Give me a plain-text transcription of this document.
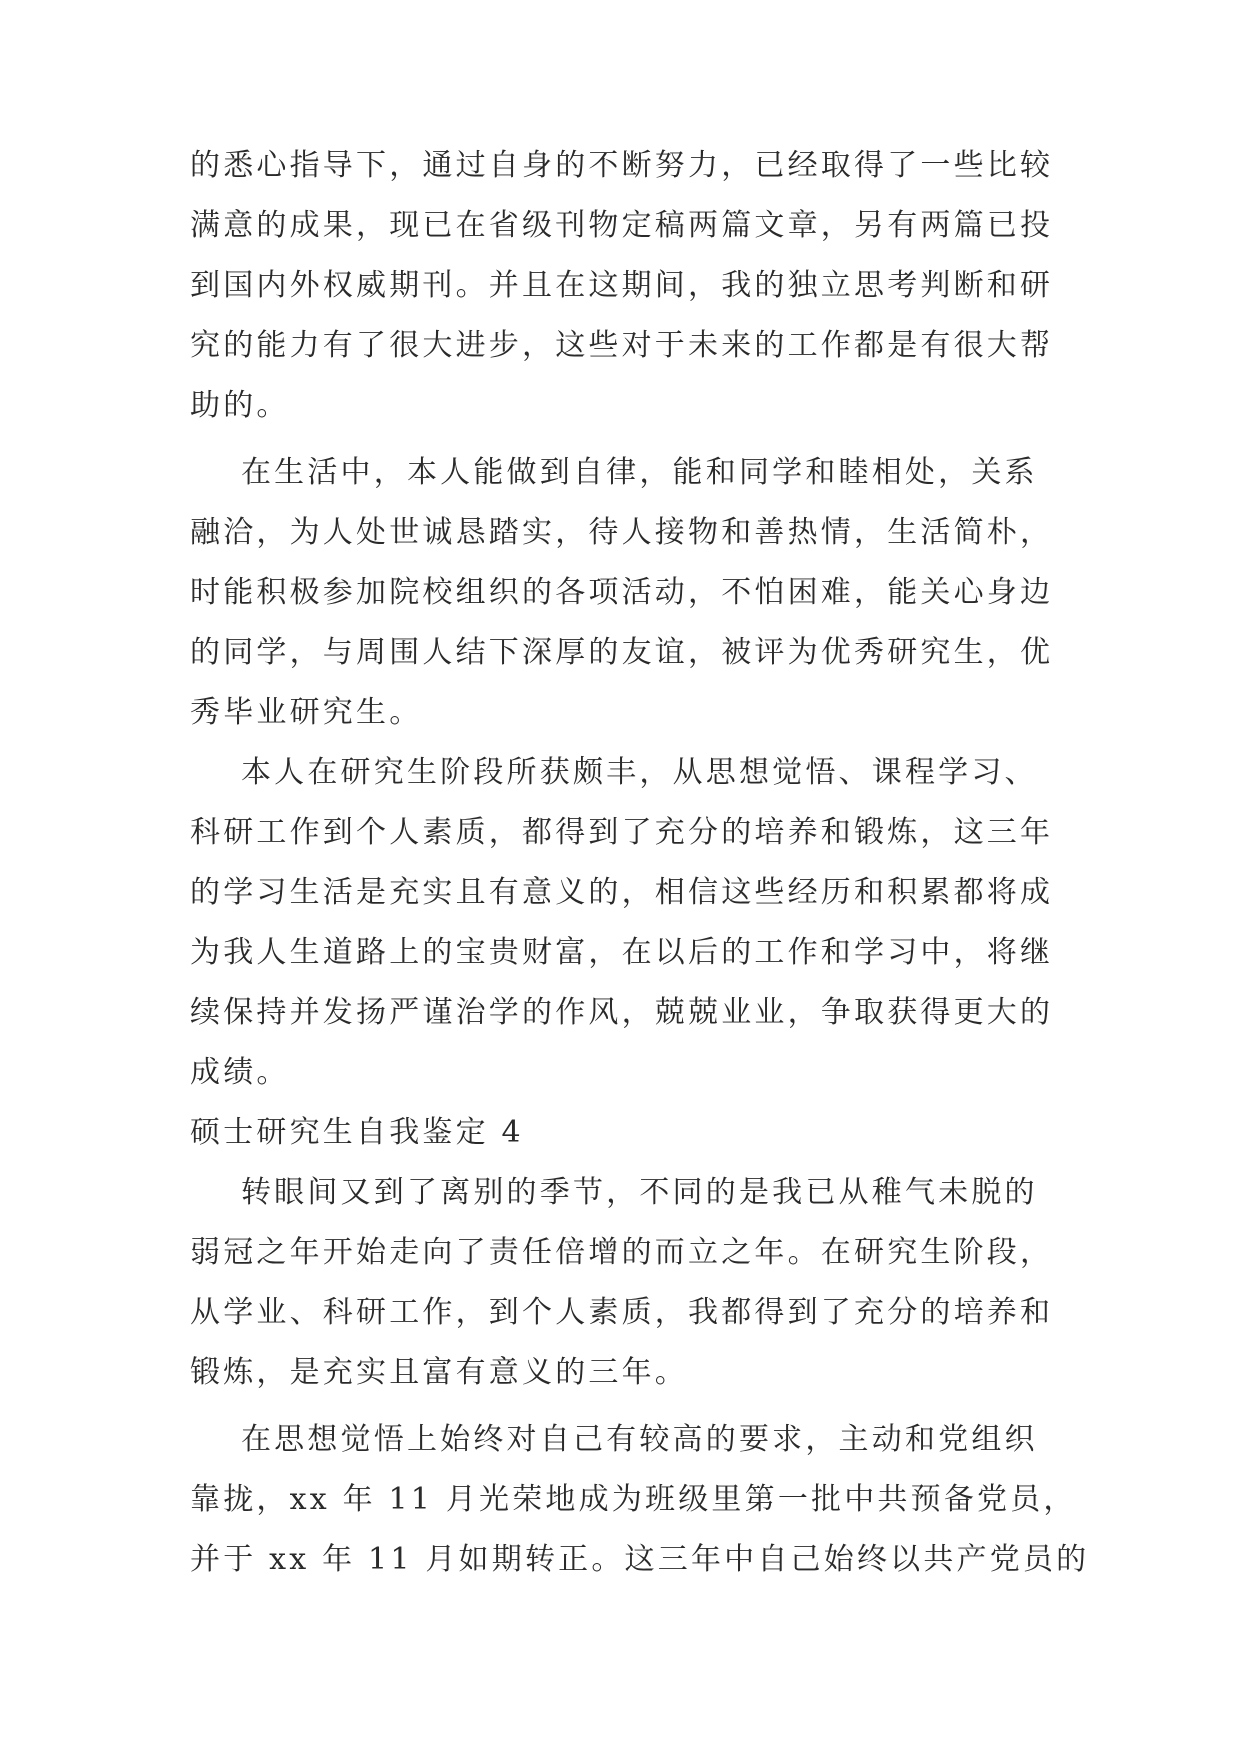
的悉心指导下，通过自身的不断努力，已经取得了一些比较
满意的成果，现已在省级刊物定稿两篇文章，另有两篇已投
到国内外权威期刊。并且在这期间，我的独立思考判断和研
究的能力有了很大进步，这些对于未来的工作都是有很大帮
助的。
在生活中，本人能做到自律，能和同学和睦相处，关系
融洽，为人处世诚恳踏实，待人接物和善热情，生活简朴，
时能积极参加院校组织的各项活动，不怕困难，能关心身边
的同学，与周围人结下深厚的友谊，被评为优秀研究生，优
秀毕业研究生。
本人在研究生阶段所获颇丰，从思想觉悟、课程学习、
科研工作到个人素质，都得到了充分的培养和锻炼，这三年
的学习生活是充实且有意义的，相信这些经历和积累都将成
为我人生道路上的宝贵财富，在以后的工作和学习中，将继
续保持并发扬严谨治学的作风，兢兢业业，争取获得更大的
成绩。
硕士研究生自我鉴定 4
转眼间又到了离别的季节，不同的是我已从稚气未脱的
弱冠之年开始走向了责任倍增的而立之年。在研究生阶段，
从学业、科研工作，到个人素质，我都得到了充分的培养和
锻炼，是充实且富有意义的三年。
在思想觉悟上始终对自己有较高的要求，主动和党组织
靠拢，xx 年 11 月光荣地成为班级里第一批中共预备党员，
并于 xx 年 11 月如期转正。这三年中自己始终以共产党员的
